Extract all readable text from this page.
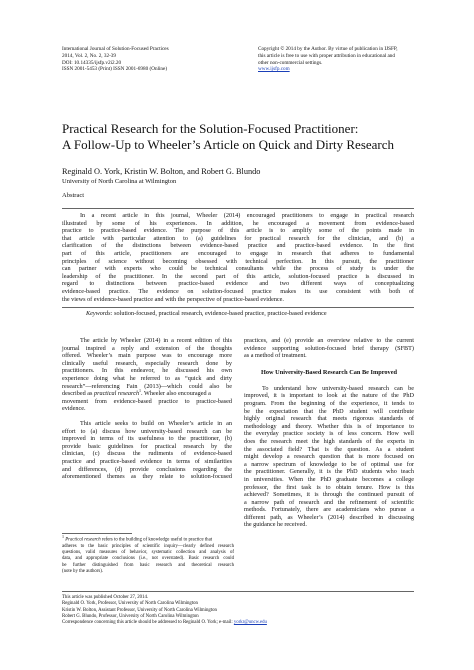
International Journal of Solution-Focused Practices
2014, Vol. 2, No. 2, 32-39
DOI: 10.14335/ijsfp.v2i2.20
ISSN 2001-5453 (Print) ISSN 2001-6980 (Online)
Copyright © 2014 by the Author. By virtue of publication in IJSFP,
this article is free to use with proper attribution in educational and
other non-commercial settings.
www.ijsfp.com
Practical Research for the Solution-Focused Practitioner:
A Follow-Up to Wheeler’s Article on Quick and Dirty Research
Reginald O. York, Kristin W. Bolton, and Robert G. Blundo
University of North Carolina at Wilmington
Abstract
In a recent article in this journal, Wheeler (2014) encouraged practitioners to engage in practical research
illustrated by some of his experiences. In addition, he encouraged a movement from evidence-based
practice to practice-based evidence. The purpose of this article is to amplify some of the points made in
that article with particular attention to (a) guidelines for practical research for the clinician, and (b) a
clarification of the distinctions between evidence-based practice and practice-based evidence. In the first
part of this article, practitioners are encouraged to engage in research that adheres to fundamental
principles of science without becoming obsessed with technical perfection. In this pursuit, the practitioner
can partner with experts who could be technical consultants while the process of study is under the
leadership of the practitioner. In the second part of this article, solution-focused practice is discussed in
regard to distinctions between practice-based evidence and two different ways of conceptualizing
evidence-based practice. The evidence on solution-focused practice makes its use consistent with both of
the views of evidence-based practice and with the perspective of practice-based evidence.
Keywords: solution-focused, practical research, evidence-based practice, practice-based evidence
The article by Wheeler (2014) in a recent edition of this
journal inspired a reply and extension of the thoughts
offered. Wheeler’s main purpose was to encourage more
clinically useful research, especially research done by
practitioners. In this endeavor, he discussed his own
experience doing what he referred to as “quick and dirty
research”—referencing Fain (2013)—which could also be
described as practical research$^1$. Wheeler also encouraged a
movement from evidence-based practice to practice-based
evidence.
This article seeks to build on Wheeler’s article in an
effort to (a) discuss how university-based research can be
improved in terms of its usefulness to the practitioner, (b)
provide basic guidelines for practical research by the
clinician, (c) discuss the rudiments of evidence-based
practice and practice-based evidence in terms of similarities
and differences, (d) provide conclusions regarding the
aforementioned themes as they relate to solution-focused
$^1$ Practical research refers to the building of knowledge useful to practice that
adheres to the basic principles of scientific inquiry—clearly defined research
questions, valid measures of behavior, systematic collection and analysis of
data, and appropriate conclusions (i.e., not overstated). Basic research could
be further distinguished from basic research and theoretical research
(note by the authors).
practices, and (e) provide an overview relative to the current
evidence supporting solution-focused brief therapy (SFBT)
as a method of treatment.
How University-Based Research Can Be Improved
To understand how university-based research can be
improved, it is important to look at the nature of the PhD
program. From the beginning of the experience, it tends to
be the expectation that the PhD student will contribute
highly original research that meets rigorous standards of
methodology and theory. Whether this is of importance to
the everyday practice society is of less concern. How well
does the research meet the high standards of the experts in
the associated field? That is the question. As a student
might develop a research question that is more focused on
a narrow spectrum of knowledge to be of optimal use for
the practitioner. Generally, it is the PhD students who teach
in universities. When the PhD graduate becomes a college
professor, the first task is to obtain tenure. How is this
achieved? Sometimes, it is through the continued pursuit of
a narrow path of research and the refinement of scientific
methods. Fortunately, there are academicians who pursue a
different path, as Wheeler’s (2014) described in discussing
the guidance he received.
This article was published October 27, 2014.
Reginald O. York, Professor, University of North Carolina Wilmington
Kristin W. Bolton, Assistant Professor, University of North Carolina Wilmington
Robert G. Blundo, Professor, University of North Carolina Wilmington
Correspondence concerning this article should be addressed to Reginald O. York; e-mail: yorkr@uncw.edu
